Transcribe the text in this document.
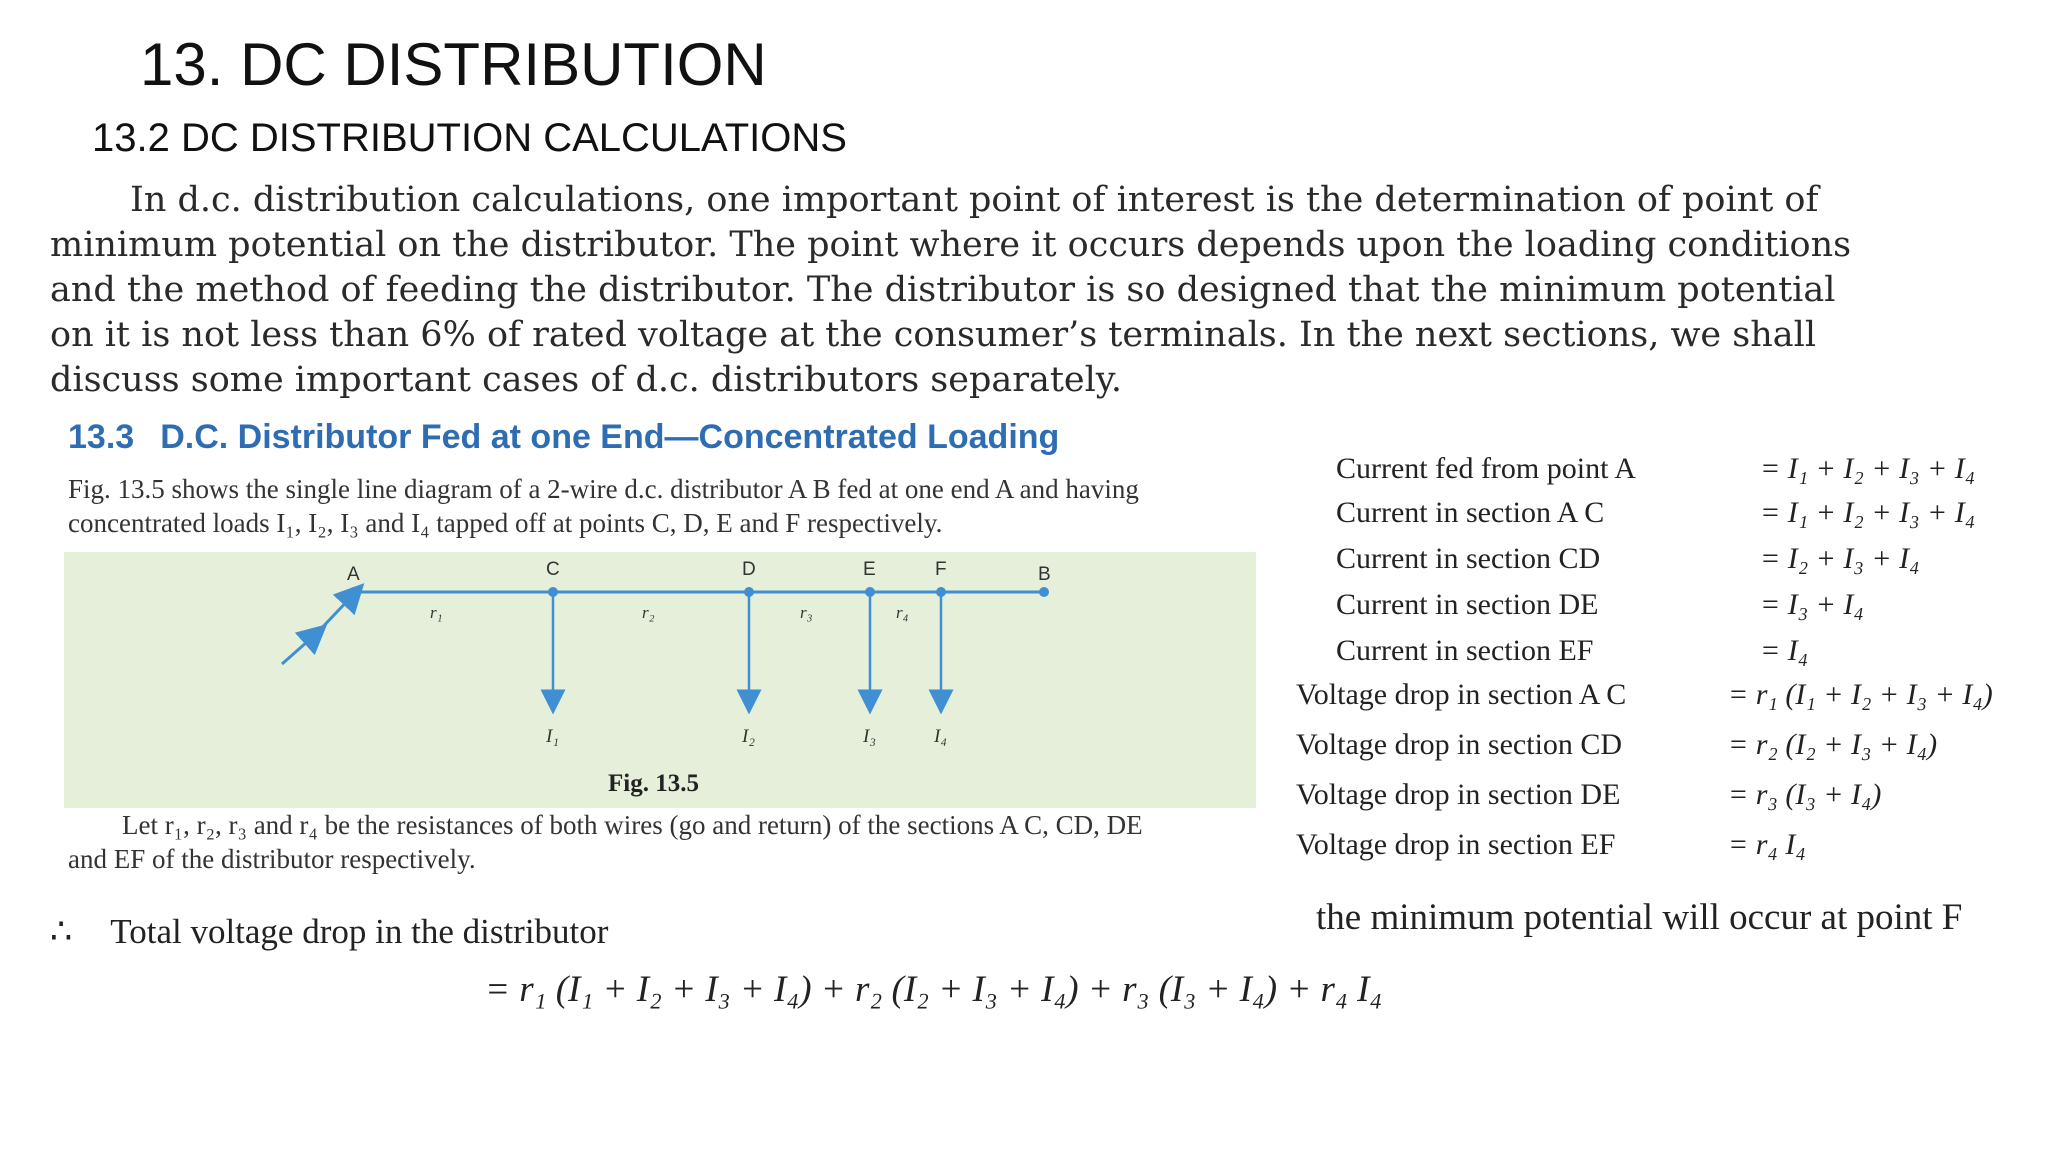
13. DC DISTRIBUTION
13.2 DC DISTRIBUTION CALCULATIONS
In d.c. distribution calculations, one important point of interest is the determination of point of
minimum potential on the distributor. The point where it occurs depends upon the loading conditions
and the method of feeding the distributor. The distributor is so designed that the minimum potential
on it is not less than 6% of rated voltage at the consumer’s terminals. In the next sections, we shall
discuss some important cases of d.c. distributors separately.
13.3 D.C. Distributor Fed at one End—Concentrated Loading
Fig. 13.5 shows the single line diagram of a 2-wire d.c. distributor A B fed at one end A and having
concentrated loads I₁, I₂, I₃ and I₄ tapped off at points C, D, E and F respectively.
A	C	D	E	F	B
r₁	r₂	r₃	r₄
I₁	I₂	I₃	I₄
Fig. 13.5
Let r₁, r₂, r₃ and r₄ be the resistances of both wires (go and return) of the sections A C, CD, DE
and EF of the distributor respectively.
∴ Total voltage drop in the distributor
= r₁ (I₁ + I₂ + I₃ + I₄) + r₂ (I₂ + I₃ + I₄) + r₃ (I₃ + I₄) + r₄ I₄
Current fed from point A	= I₁ + I₂ + I₃ + I₄
Current in section A C	= I₁ + I₂ + I₃ + I₄
Current in section CD	= I₂ + I₃ + I₄
Current in section DE	= I₃ + I₄
Current in section EF	= I₄
Voltage drop in section A C	= r₁ (I₁ + I₂ + I₃ + I₄)
Voltage drop in section CD	= r₂ (I₂ + I₃ + I₄)
Voltage drop in section DE	= r₃ (I₃ + I₄)
Voltage drop in section EF	= r₄ I₄
the minimum potential will occur at point F
